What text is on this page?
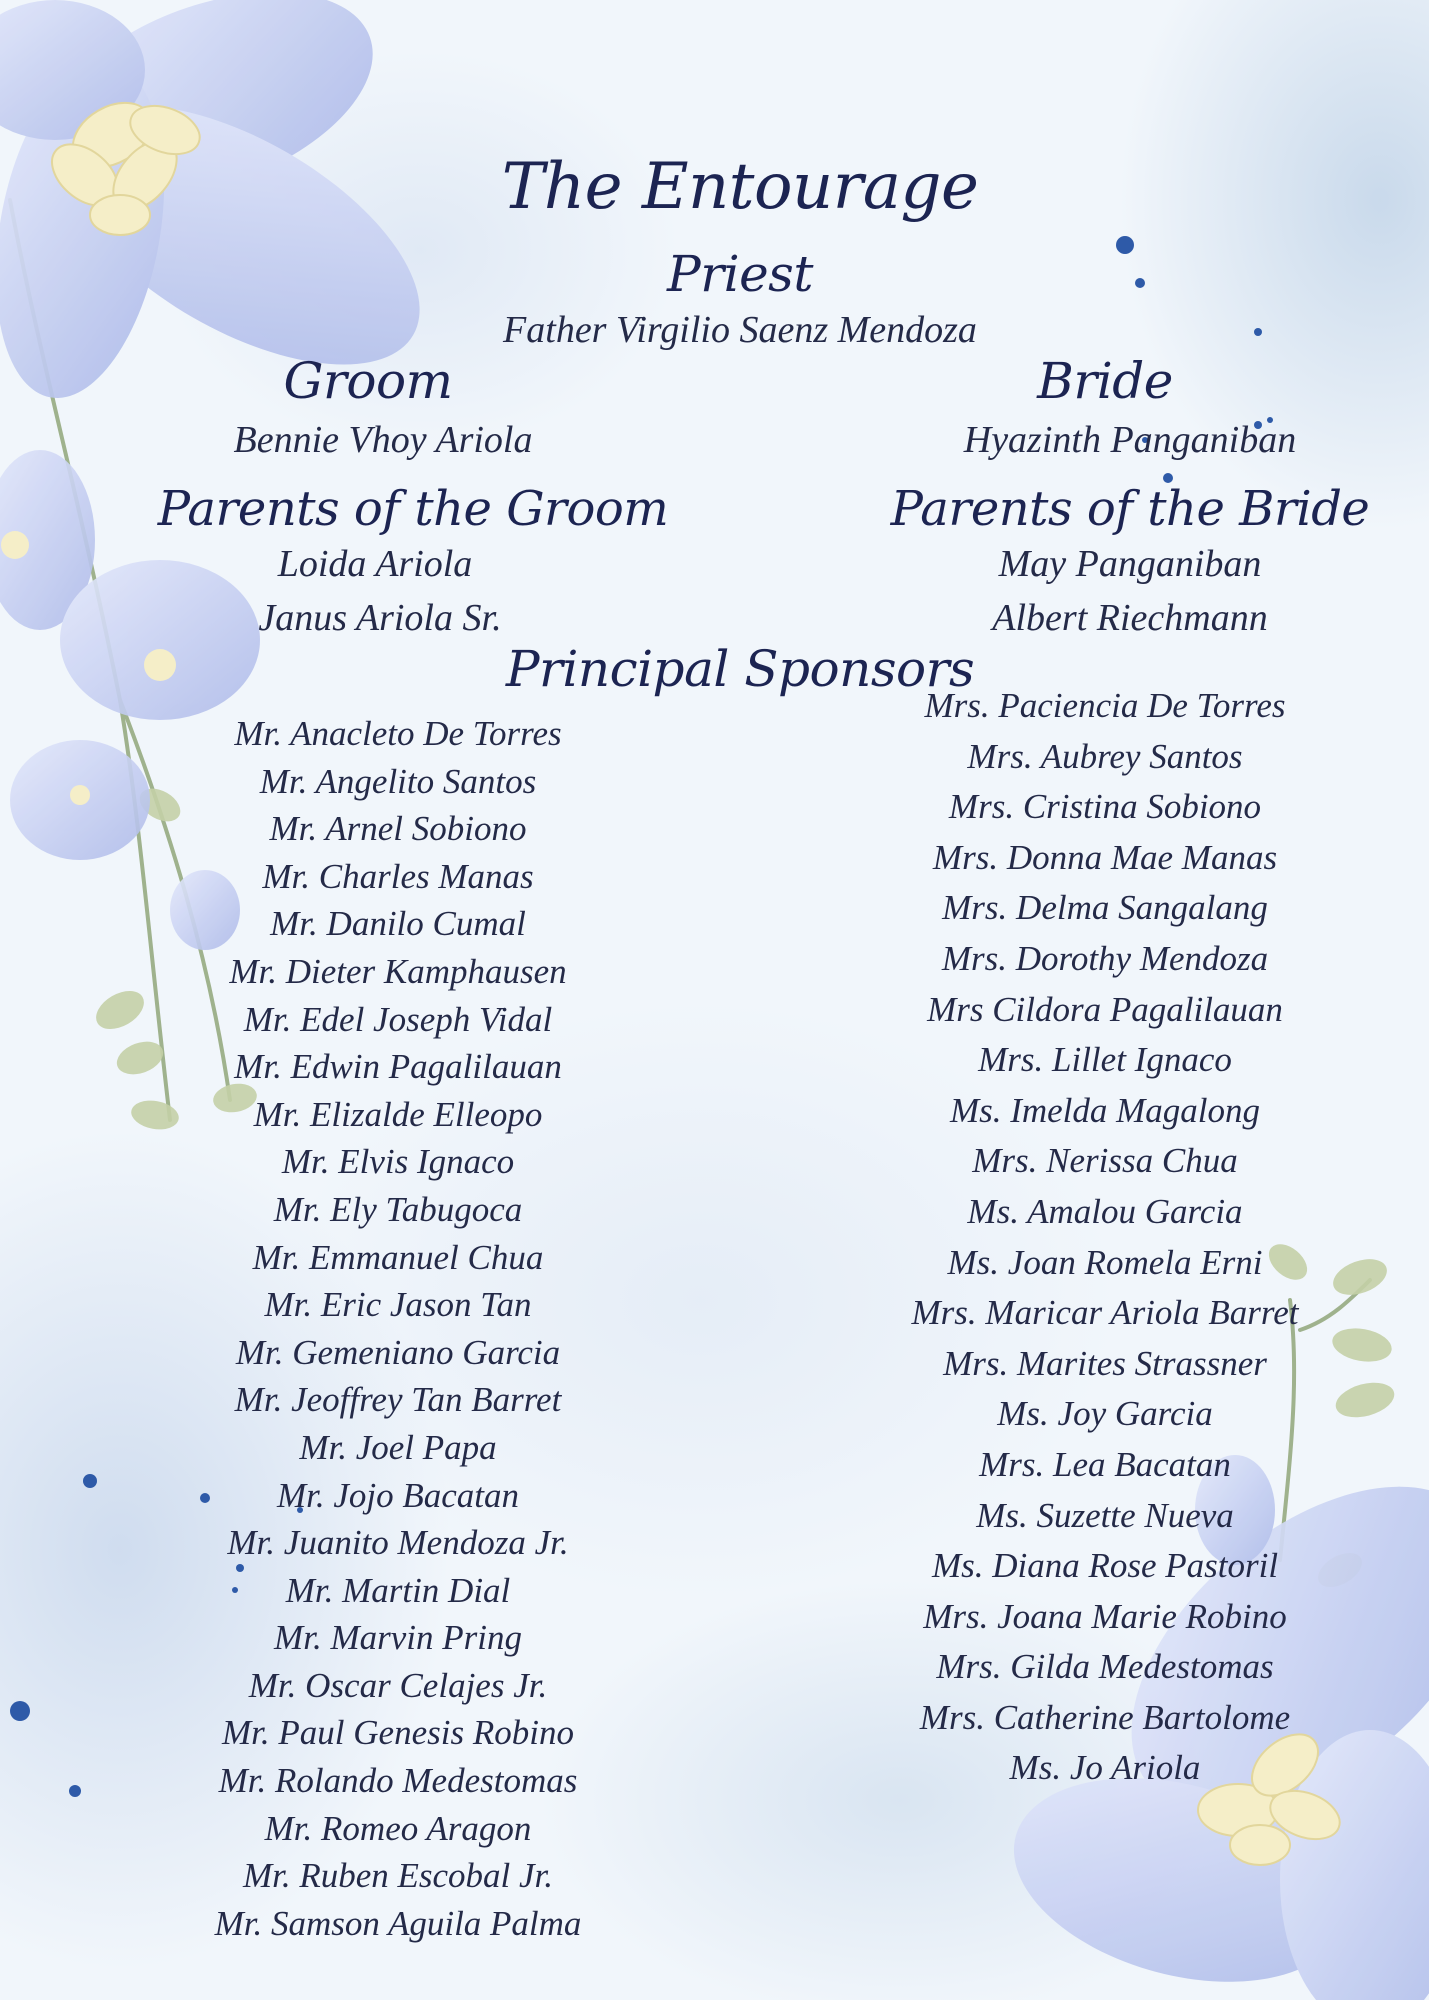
The Entourage
Priest
Father Virgilio Saenz Mendoza
Groom
Bennie Vhoy Ariola
Bride
Hyazinth Panganiban
Parents of the Groom
Loida Ariola
Janus Ariola Sr.
Parents of the Bride
May Panganiban
Albert Riechmann
Principal Sponsors
Mr. Anacleto De Torres
Mr. Angelito Santos
Mr. Arnel Sobiono
Mr. Charles Manas
Mr. Danilo Cumal
Mr. Dieter Kamphausen
Mr. Edel Joseph Vidal
Mr. Edwin Pagalilauan
Mr. Elizalde Elleopo
Mr. Elvis Ignaco
Mr. Ely Tabugoca
Mr. Emmanuel Chua
Mr. Eric Jason Tan
Mr. Gemeniano Garcia
Mr. Jeoffrey Tan Barret
Mr. Joel Papa
Mr. Jojo Bacatan
Mr. Juanito Mendoza Jr.
Mr. Martin Dial
Mr. Marvin Pring
Mr. Oscar Celajes Jr.
Mr. Paul Genesis Robino
Mr. Rolando Medestomas
Mr. Romeo Aragon
Mr. Ruben Escobal Jr.
Mr. Samson Aguila Palma
Mrs. Paciencia De Torres
Mrs. Aubrey Santos
Mrs. Cristina Sobiono
Mrs. Donna Mae Manas
Mrs. Delma Sangalang
Mrs. Dorothy Mendoza
Mrs Cildora Pagalilauan
Mrs. Lillet Ignaco
Ms. Imelda Magalong
Mrs. Nerissa Chua
Ms. Amalou Garcia
Ms. Joan Romela Erni
Mrs. Maricar Ariola Barret
Mrs. Marites Strassner
Ms. Joy Garcia
Mrs. Lea Bacatan
Ms. Suzette Nueva
Ms. Diana Rose Pastoril
Mrs. Joana Marie Robino
Mrs. Gilda Medestomas
Mrs. Catherine Bartolome
Ms. Jo Ariola
